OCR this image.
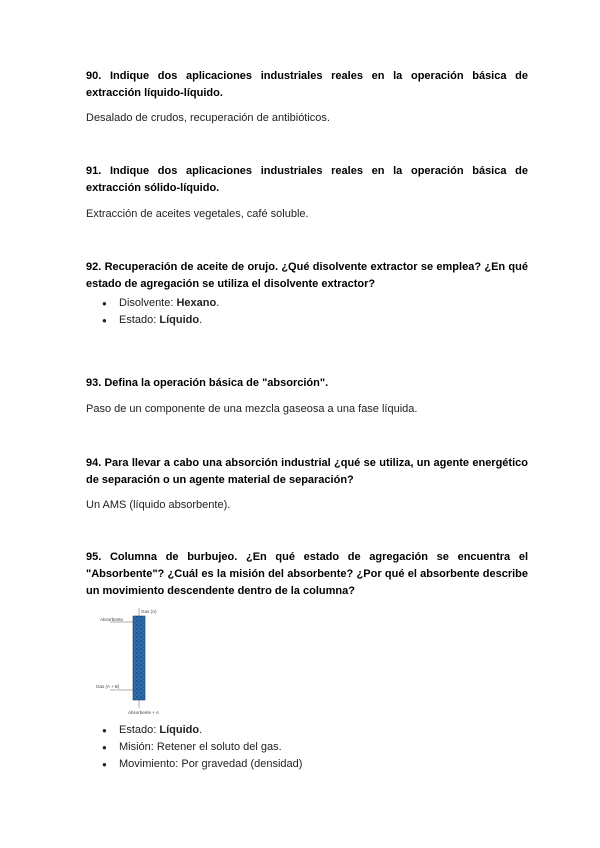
90. Indique dos aplicaciones industriales reales en la operación básica de extracción líquido-líquido.
Desalado de crudos, recuperación de antibióticos.
91. Indique dos aplicaciones industriales reales en la operación básica de extracción sólido-líquido.
Extracción de aceites vegetales, café soluble.
92. Recuperación de aceite de orujo. ¿Qué disolvente extractor se emplea? ¿En qué estado de agregación se utiliza el disolvente extractor?
● Disolvente: Hexano.
● Estado: Líquido.
93. Defina la operación básica de "absorción".
Paso de un componente de una mezcla gaseosa a una fase líquida.
94. Para llevar a cabo una absorción industrial ¿qué se utiliza, un agente energético de separación o un agente material de separación?
Un AMS (líquido absorbente).
95. Columna de burbujeo. ¿En qué estado de agregación se encuentra el "Absorbente"? ¿Cuál es la misión del absorbente? ¿Por qué el absorbente describe un movimiento descendente dentro de la columna?
Gas (A)
Absorbente
Gas (A + B)
Absorbente + A
● Estado: Líquido.
● Misión: Retener el soluto del gas.
● Movimiento: Por gravedad (densidad)
